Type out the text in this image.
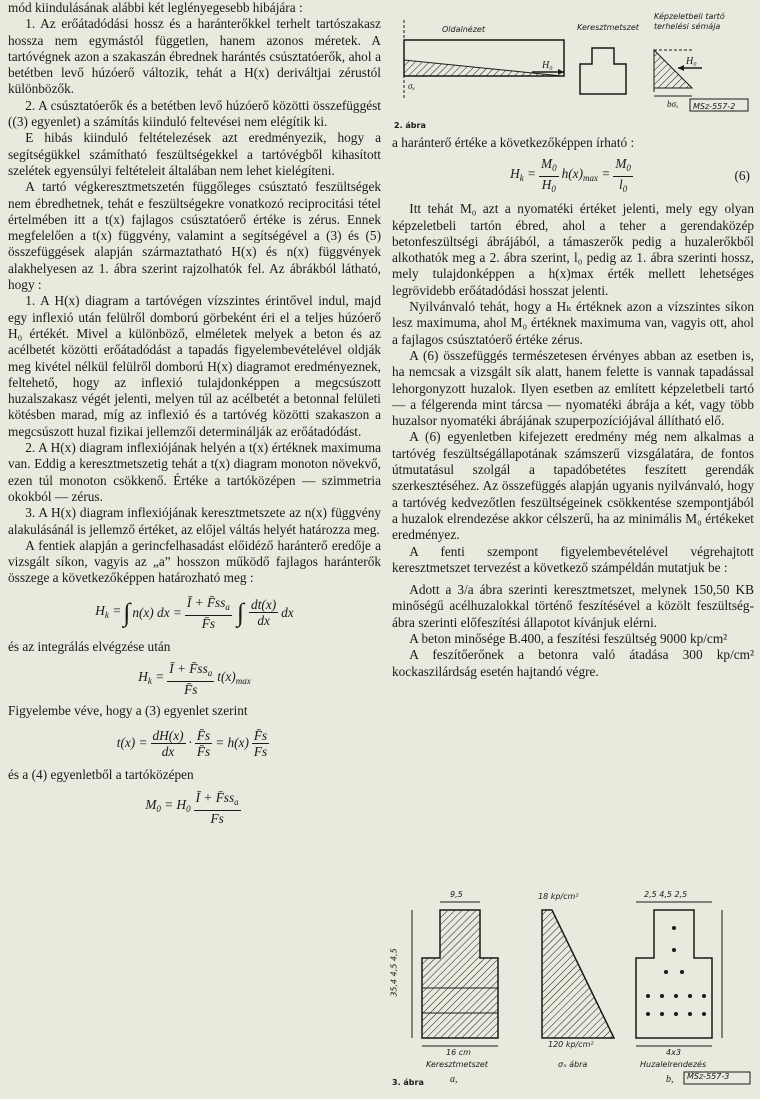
mód kiindulásának alábbi két leglényegesebb hibájára :

1. Az erőátadódási hossz és a haránterőkkel terhelt tartószakasz hossza nem egymástól független, hanem azonos méretek. A tartóvégnek azon a szakaszán ébrednek harántés csúsztatóerők, ahol a betétben levő húzóerő változik, tehát a H(x) deriváltjai zérustól különbözők.

2. A csúsztatóerők és a betétben levő húzóerő közötti összefüggést ((3) egyenlet) a számítás kiinduló feltevései nem elégítik ki.

E hibás kiinduló feltételezések azt eredményezik, hogy a segítségükkel számítható feszültségekkel a tartóvégből kihasított szelétek egyensúlyi feltételeit általában nem lehet kielégíteni.

A tartó végkeresztmetszetén függőleges csúsztató feszültségek nem ébredhetnek, tehát e feszültségekre vonatkozó reciprocitási tétel értelmében itt a t(x) fajlagos csúsztatóerő értéke is zérus. Ennek megfelelően a t(x) függvény, valamint a segítségével a (3) és (5) összefüggések alapján származtatható H(x) és n(x) függvények alakhelyesen az 1. ábra szerint rajzolhatók fel. Az ábrákból látható, hogy :

1. A H(x) diagram a tartóvégen vízszintes érintővel indul, majd egy inflexió után felülről domború görbeként éri el a teljes húzóerő H₀ értékét. Mivel a különböző, elméletek melyek a beton és az acélbetét közötti erőátadódást a tapadás figyelembevételével oldják meg kivétel nélkül felülről domború H(x) diagramot eredményeznek, feltehető, hogy az inflexió tulajdonképpen a megcsúszott huzalszakasz végét jelenti, melyen túl az acélbetét a betonnal felületi kötésben marad, míg az inflexió és a tartóvég közötti szakaszon a megcsúszott huzal fizikai jellemzői determinálják az erőátadódást.

2. A H(x) diagram inflexiójának helyén a t(x) értéknek maximuma van. Eddig a keresztmetszetig tehát a t(x) diagram monoton növekvő, ezen túl monoton csökkenő. Értéke a tartóközépen — szimmetria okokból — zérus.

3. A H(x) diagram inflexiójának keresztmetszete az n(x) függvény alakulásánál is jellemző értéket, az előjel váltás helyét határozza meg.

A fentiek alapján a gerincfelhasadást előidéző haránterő eredője a vizsgált síkon, vagyis az „a” hosszon működő fajlagos haránterők összege a következőképpen határozható meg :

$H_k$ = ∫ n(x) dx = $\frac{Ī + F̄ss_a}{F̄s}$ ∫ $\frac{dt(x)}{dx}$ dx

és az integrálás elvégzése után

$H_k = \frac{Ī + F̄ss_a}{F̄s} t(x)_{max}$

Figyelembe véve, hogy a (3) egyenlet szerint

$t(x) = \frac{dH(x)}{dx} \cdot \frac{F̄s}{F̄s} = h(x) \frac{F̄s}{Fs}$

és a (4) egyenletből a tartóközépen

$M_0 = H_0 \frac{Ī + F̄ss_a}{Fs}$
Oldalnézet	Keresztmetszet
Képzeletbeli tartó terhelési sémája
H₀	H₀
σₓ
bσₓ MSz-557-2
2. ábra

a haránterő értéke a következőképpen írható :

$H_k = \frac{M_0}{H_0} h(x)_{max} = \frac{M_0}{l_0}$	(6)

Itt tehát M₀ azt a nyomatéki értéket jelenti, mely egy olyan képzeletbeli tartón ébred, ahol a teher a gerendaközép betonfeszültségi ábrájából, a támaszerők pedig a huzalerőkből alkothatók meg a 2. ábra szerint, l₀ pedig az 1. ábra szerinti hossz, mely tulajdonképpen a h(x)max érték mellett lehetséges legrövidebb erőátadódási hosszat jelenti.

Nyilvánvaló tehát, hogy a Hₖ értéknek azon a vízszintes síkon lesz maximuma, ahol M₀ értéknek maximuma van, vagyis ott, ahol a fajlagos csúsztatóerő értéke zérus.

A (6) összefüggés természetesen érvényes abban az esetben is, ha nemcsak a vizsgált sík alatt, hanem felette is vannak tapadással lehorgonyzott huzalok. Ilyen esetben az említett képzeletbeli tartó — a félgerenda mint tárcsa — nyomatéki ábrája a két, vagy több huzalsor nyomatéki ábrájának szuperpozíciójával állítható elő.

A (6) egyenletben kifejezett eredmény még nem alkalmas a tartóvég feszültségállapotának számszerű vizsgálatára, de fontos útmutatásul szolgál a tapadóbetétes feszített gerendák szerkesztéséhez. Az összefüggés alapján ugyanis nyilvánvaló, hogy a tartóvég kedvezőtlen feszültségeinek csökkentése szempontjából a huzalok elrendezése akkor célszerű, ha az minimális M₀ értékeket eredményez.

A fenti szempont figyelembevételével végrehajtott keresztmetszet tervezést a következő számpéldán mutatjuk be :

Adott a 3/a ábra szerinti keresztmetszet, melynek 150,50 KB minőségű acélhuzalokkal történő feszítésével a közölt feszültség-ábra szerinti előfeszítési állapotot kívánjuk elérni.

A beton minősége B.400, a feszítési feszültség 9000 kp/cm²

A feszítőerőnek a betonra való átadása 300 kp/cm² kockaszilárdság esetén hajtandó végre.

9,5
35,4 4,5 4,5
16 cm
Keresztmetszet
18 kp/cm²
120 kp/cm²
σₓ ábra
2,5 4,5 2,5
4x3
Huzalelrendezés
a,	b, MSz-557-3
3. ábra
